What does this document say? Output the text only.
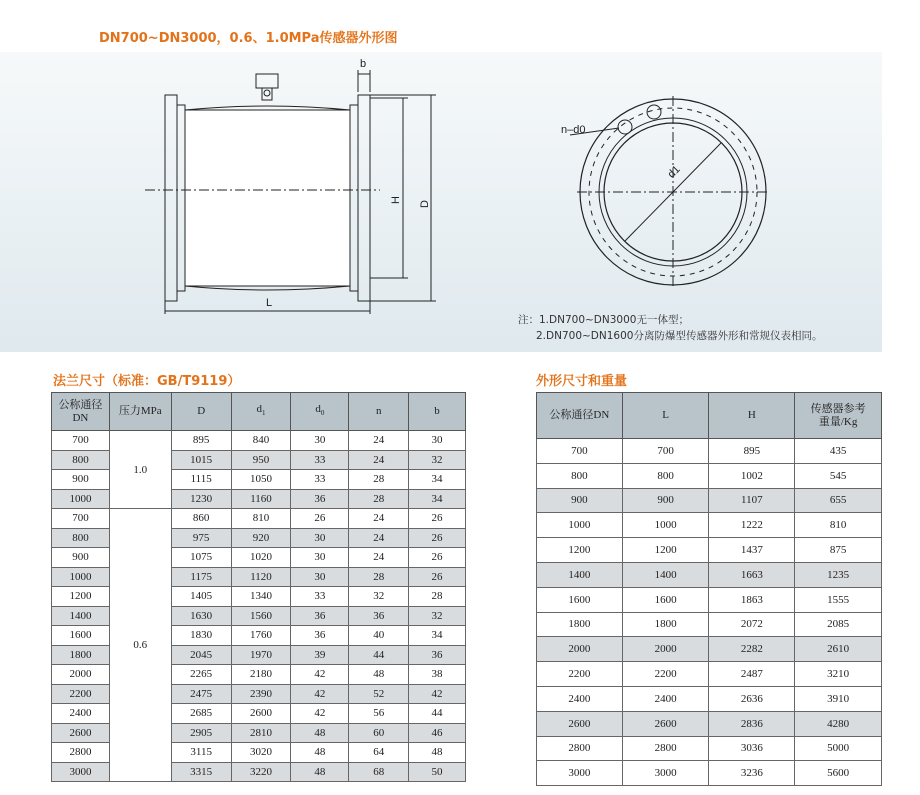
DN700~DN3000，0.6、1.0MPa传感器外形图
b
H
D
L
n–d0
d1
注：1.DN700~DN3000无一体型；
2.DN700~DN1600分离防爆型传感器外形和常规仪表相同。
法兰尺寸（标准：GB/T9119）	外形尺寸和重量
公称通径
DN	压力MPa	D	$d_1$	$d_0$	n	b
700	1.0	895	840	30	24	30
800		1015	950	33	24	32
900		1115	1050	33	28	34
1000		1230	1160	36	28	34
700	0.6	860	810	26	24	26
800		975	920	30	24	26
900		1075	1020	30	24	26
1000		1175	1120	30	28	26
1200		1405	1340	33	32	28
1400		1630	1560	36	36	32
1600		1830	1760	36	40	34
1800		2045	1970	39	44	36
2000		2265	2180	42	48	38
2200		2475	2390	42	52	42
2400		2685	2600	42	56	44
2600		2905	2810	48	60	46
2800		3115	3020	48	64	48
3000		3315	3220	48	68	50
公称通径DN	L	H	传感器参考
重量/Kg
700	700	895	435
800	800	1002	545
900	900	1107	655
1000	1000	1222	810
1200	1200	1437	875
1400	1400	1663	1235
1600	1600	1863	1555
1800	1800	2072	2085
2000	2000	2282	2610
2200	2200	2487	3210
2400	2400	2636	3910
2600	2600	2836	4280
2800	2800	3036	5000
3000	3000	3236	5600
